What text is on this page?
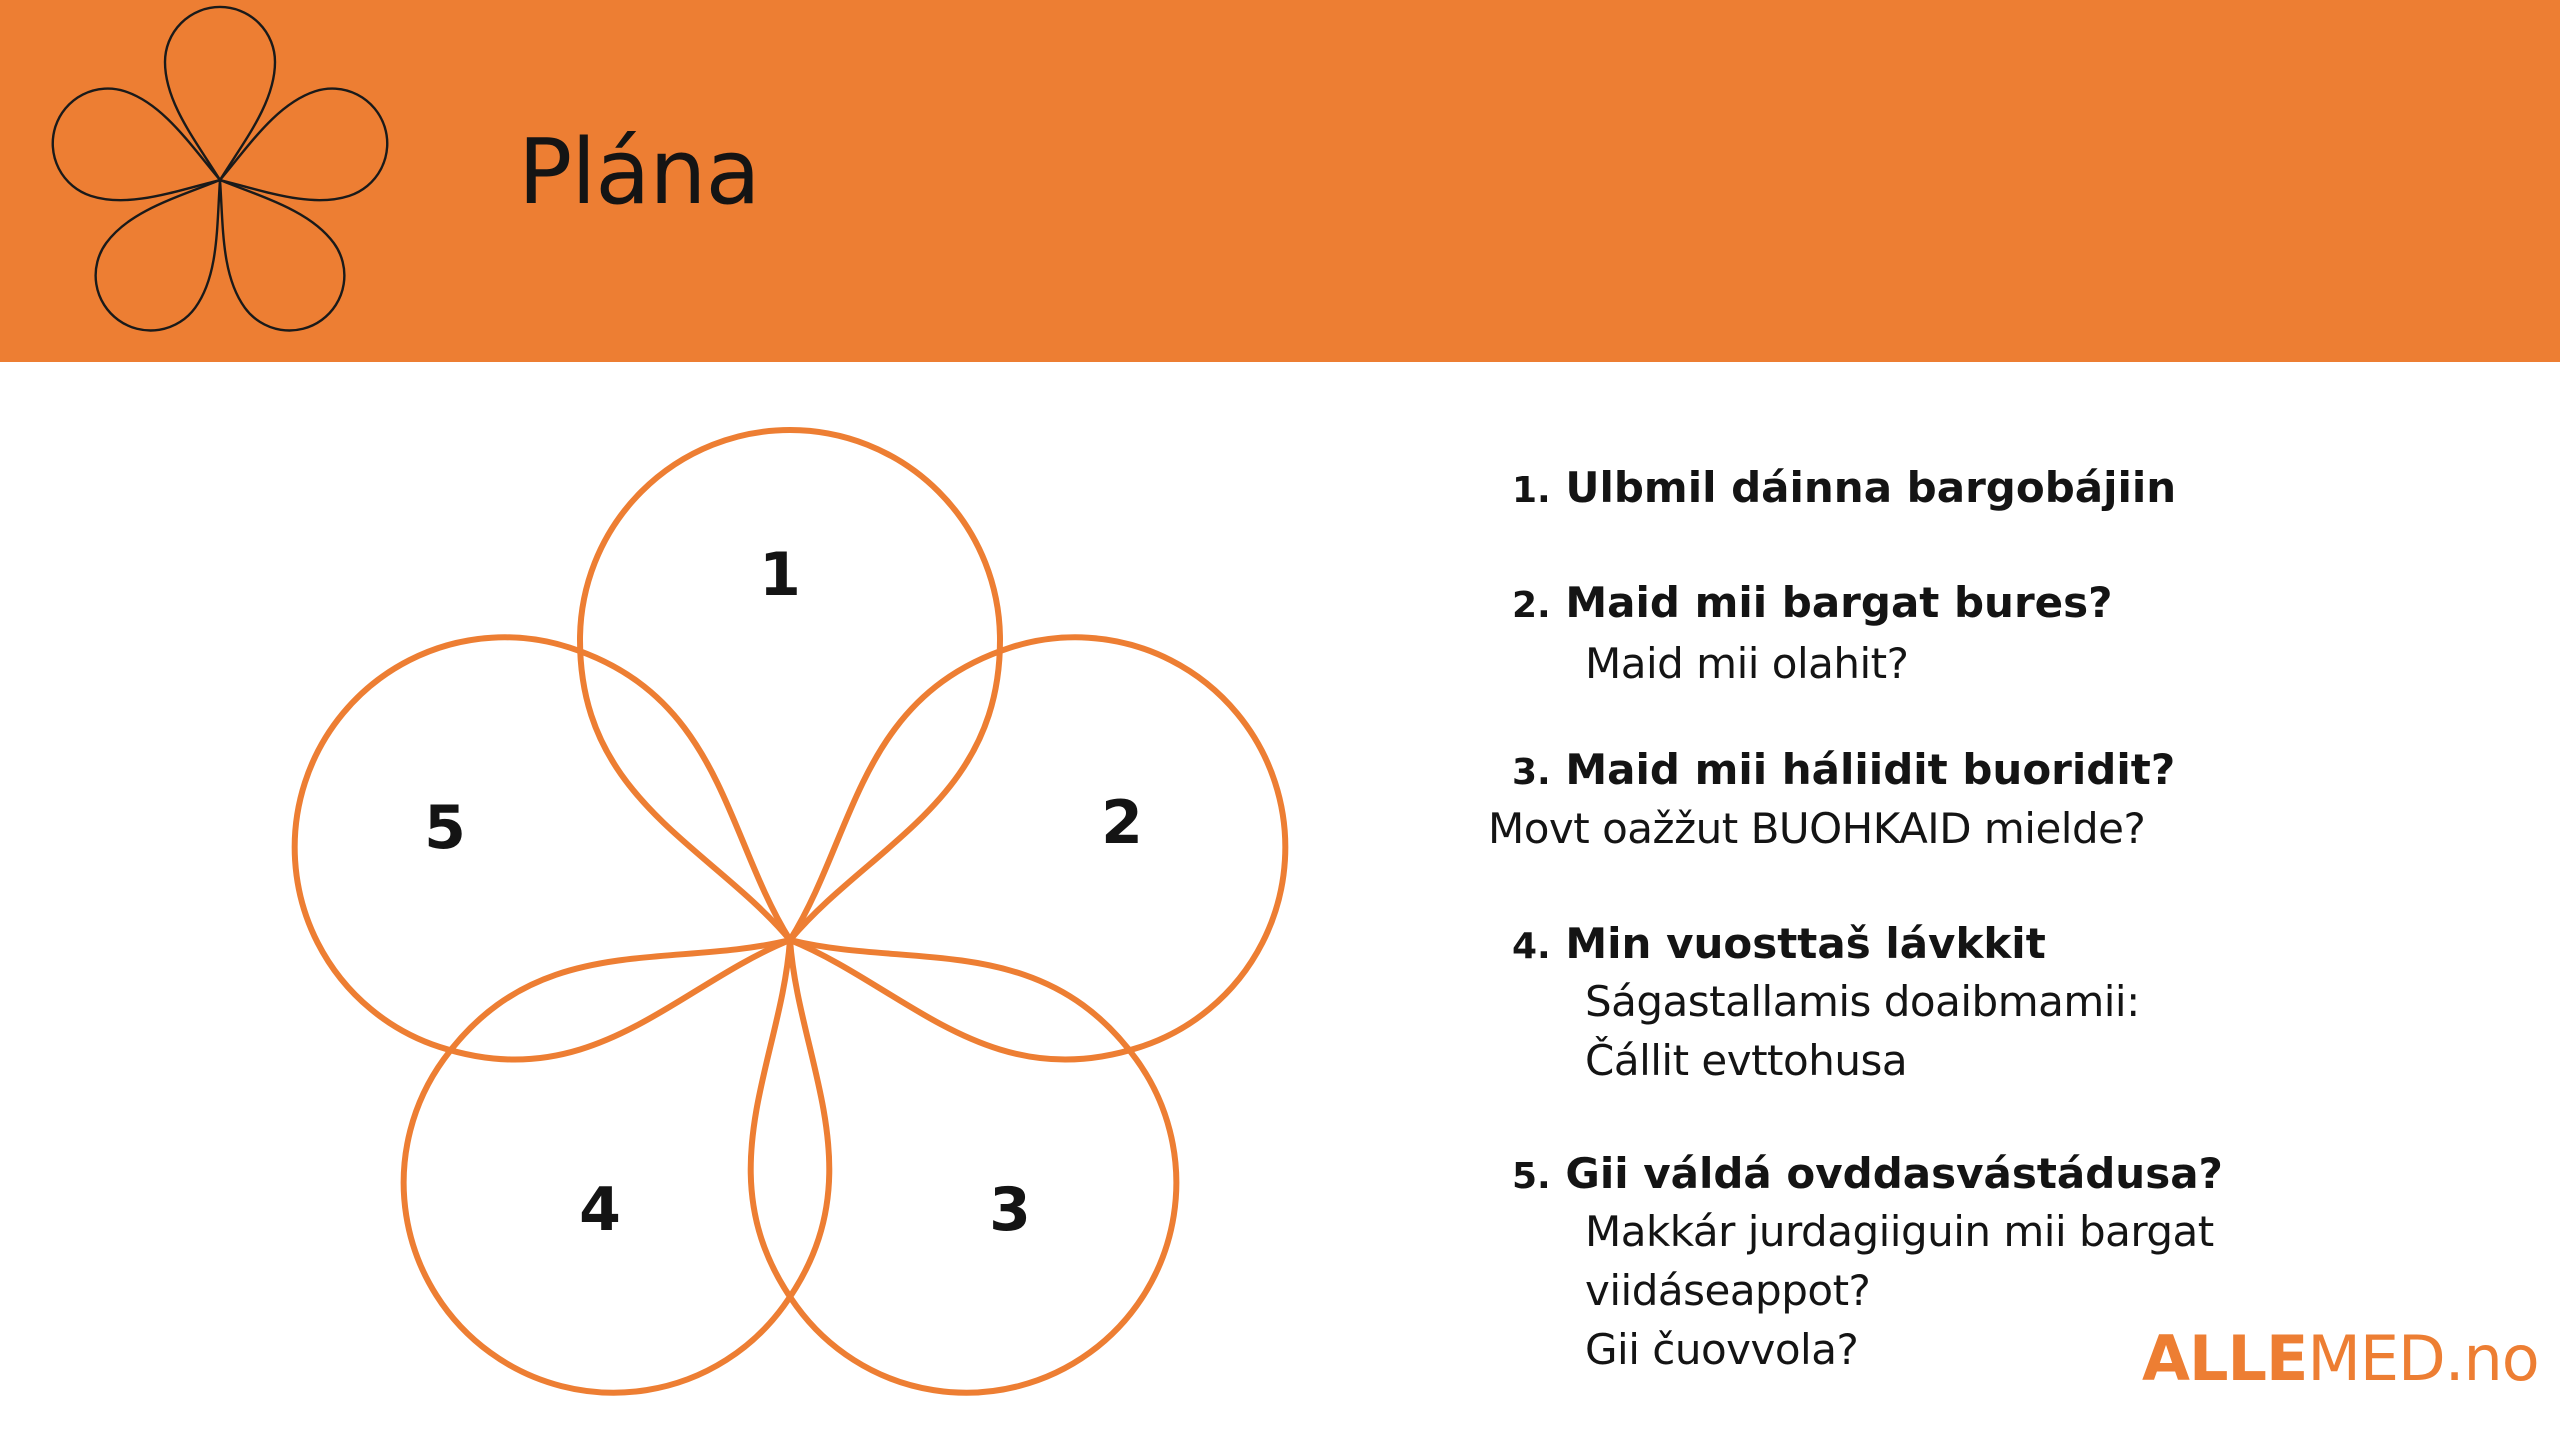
Plána
1
2
3
4
5
1. Ulbmil dáinna bargobájiin
2. Maid mii bargat bures?
Maid mii olahit?
3. Maid mii háliidit buoridit?
Movt oažžut BUOHKAID mielde?
4. Min vuosttaš lávkkit
Ságastallamis doaibmamii:
Čállit evttohusa
5. Gii váldá ovddasvástádusa?
Makkár jurdagiiguin mii bargat
viidáseappot?
Gii čuovvola?	ALLEMED.no
